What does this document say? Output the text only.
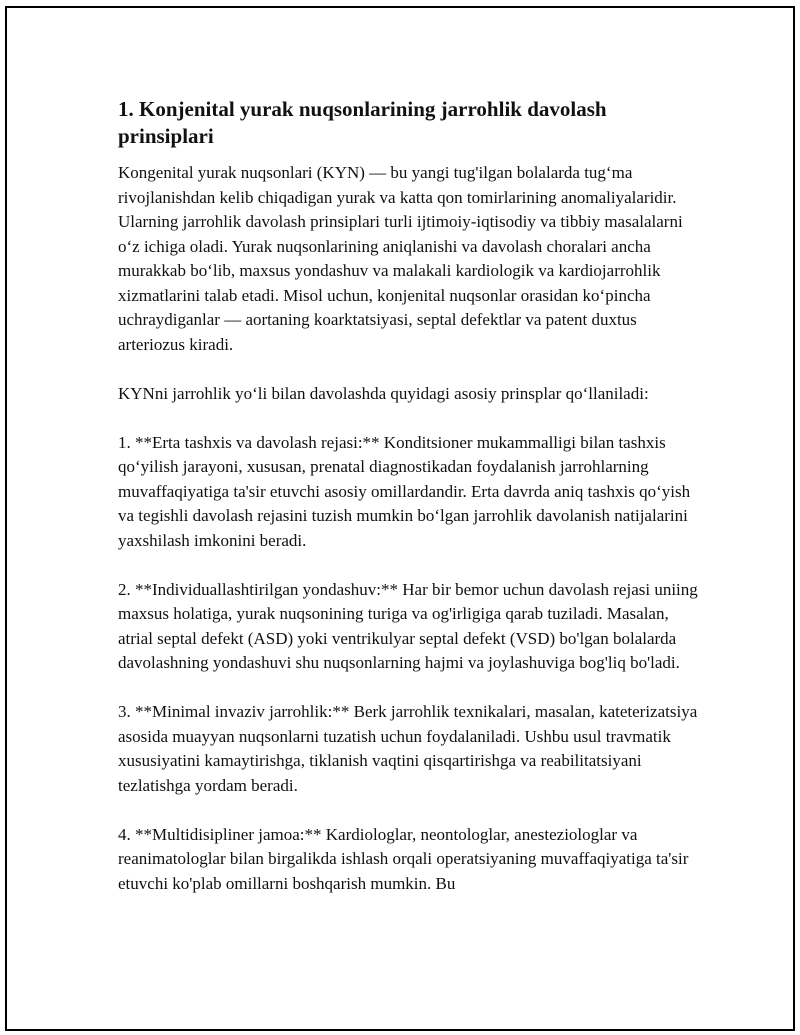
1. Konjenital yurak nuqsonlarining jarrohlik davolash prinsiplari

Kongenital yurak nuqsonlari (KYN) — bu yangi tug'ilgan bolalarda tug‘ma rivojlanishdan kelib chiqadigan yurak va katta qon tomirlarining anomaliyalaridir. Ularning jarrohlik davolash prinsiplari turli ijtimoiy-iqtisodiy va tibbiy masalalarni o‘z ichiga oladi. Yurak nuqsonlarining aniqlanishi va davolash choralari ancha murakkab bo‘lib, maxsus yondashuv va malakali kardiologik va kardiojarrohlik xizmatlarini talab etadi. Misol uchun, konjenital nuqsonlar orasidan ko‘pincha uchraydiganlar — aortaning koarktatsiyasi, septal defektlar va patent duxtus arteriozus kiradi.

KYNni jarrohlik yo‘li bilan davolashda quyidagi asosiy prinsplar qo‘llaniladi:

1. **Erta tashxis va davolash rejasi:** Konditsioner mukammalligi bilan tashxis qo‘yilish jarayoni, xususan, prenatal diagnostikadan foydalanish jarrohlarning muvaffaqiyatiga ta'sir etuvchi asosiy omillardandir. Erta davrda aniq tashxis qo‘yish va tegishli davolash rejasini tuzish mumkin bo‘lgan jarrohlik davolanish natijalarini yaxshilash imkonini beradi.

2. **Individuallashtirilgan yondashuv:** Har bir bemor uchun davolash rejasi uniing maxsus holatiga, yurak nuqsonining turiga va og'irligiga qarab tuziladi. Masalan, atrial septal defekt (ASD) yoki ventrikulyar septal defekt (VSD) bo'lgan bolalarda davolashning yondashuvi shu nuqsonlarning hajmi va joylashuviga bog'liq bo'ladi.

3. **Minimal invaziv jarrohlik:** Berk jarrohlik texnikalari, masalan, kateterizatsiya asosida muayyan nuqsonlarni tuzatish uchun foydalaniladi. Ushbu usul travmatik xususiyatini kamaytirishga, tiklanish vaqtini qisqartirishga va reabilitatsiyani tezlatishga yordam beradi.

4. **Multidisipliner jamoa:** Kardiologlar, neontologlar, anesteziologlar va reanimatologlar bilan birgalikda ishlash orqali operatsiyaning muvaffaqiyatiga ta'sir etuvchi ko'plab omillarni boshqarish mumkin. Bu
